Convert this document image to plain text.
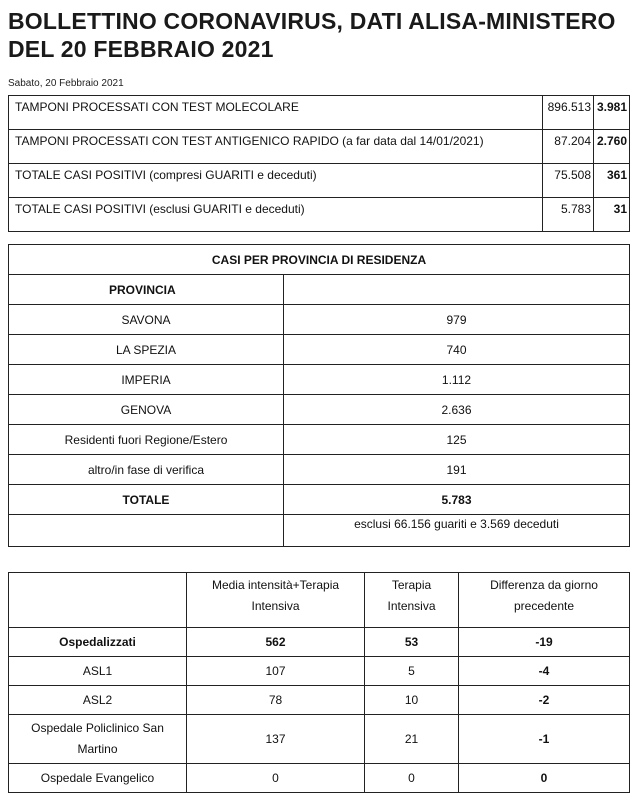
BOLLETTINO CORONAVIRUS, DATI ALISA-MINISTERO DEL 20 FEBBRAIO 2021
Sabato, 20 Febbraio 2021
TAMPONI PROCESSATI CON TEST MOLECOLARE	896.513	3.981
TAMPONI PROCESSATI CON TEST ANTIGENICO RAPIDO (a far data dal 14/01/2021)	87.204	2.760
TOTALE CASI POSITIVI (compresi GUARITI e deceduti)	75.508	361
TOTALE CASI POSITIVI (esclusi GUARITI e deceduti)	5.783	31
CASI PER PROVINCIA DI RESIDENZA	
PROVINCIA	
SAVONA	979
LA SPEZIA	740
IMPERIA	1.112
GENOVA	2.636
Residenti fuori Regione/Estero	125
altro/in fase di verifica	191
TOTALE	5.783
	esclusi 66.156 guariti e 3.569 deceduti
	Media intensità+Terapia Intensiva	Terapia Intensiva	Differenza da giorno precedente
Ospedalizzati	562	53	-19
ASL1	107	5	-4
ASL2	78	10	-2
Ospedale Policlinico San Martino	137	21	-1
Ospedale Evangelico	0	0	0
